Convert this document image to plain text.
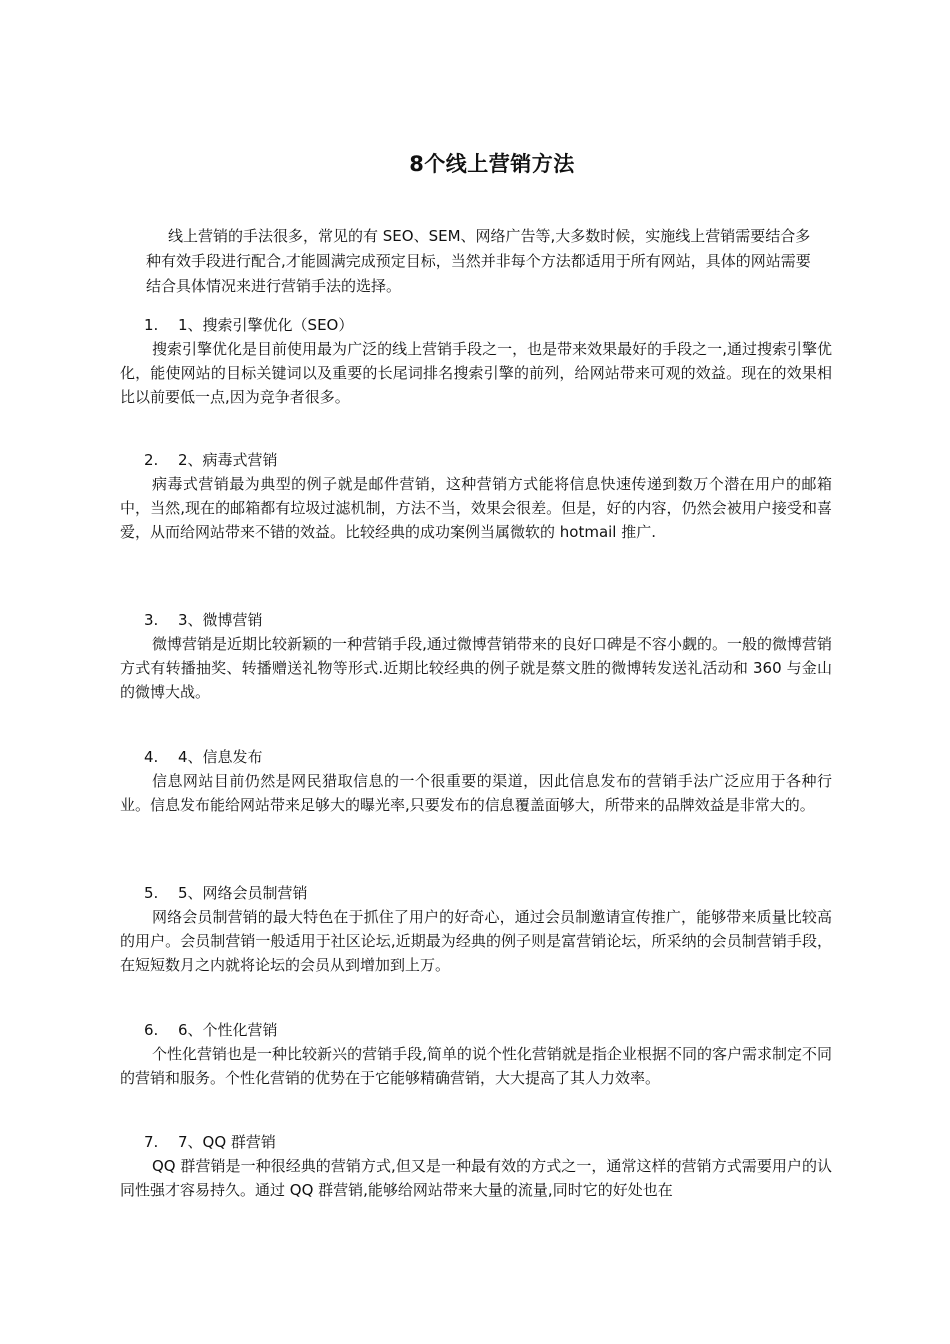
8个线上营销方法

线上营销的手法很多，常见的有 SEO、SEM、网络广告等,大多数时候，实施线上营销需要结合多种有效手段进行配合,才能圆满完成预定目标，当然并非每个方法都适用于所有网站，具体的网站需要结合具体情况来进行营销手法的选择。

1. 1、搜索引擎优化（SEO）

搜索引擎优化是目前使用最为广泛的线上营销手段之一，也是带来效果最好的手段之一,通过搜索引擎优化，能使网站的目标关键词以及重要的长尾词排名搜索引擎的前列，给网站带来可观的效益。现在的效果相比以前要低一点,因为竞争者很多。

2. 2、病毒式营销

病毒式营销最为典型的例子就是邮件营销，这种营销方式能将信息快速传递到数万个潜在用户的邮箱中，当然,现在的邮箱都有垃圾过滤机制，方法不当，效果会很差。但是，好的内容，仍然会被用户接受和喜爱，从而给网站带来不错的效益。比较经典的成功案例当属微软的 hotmail 推广.

3. 3、微博营销

微博营销是近期比较新颖的一种营销手段,通过微博营销带来的良好口碑是不容小觑的。一般的微博营销方式有转播抽奖、转播赠送礼物等形式.近期比较经典的例子就是蔡文胜的微博转发送礼活动和 360 与金山的微博大战。

4. 4、信息发布

信息网站目前仍然是网民猎取信息的一个很重要的渠道，因此信息发布的营销手法广泛应用于各种行业。信息发布能给网站带来足够大的曝光率,只要发布的信息覆盖面够大，所带来的品牌效益是非常大的。

5. 5、网络会员制营销

网络会员制营销的最大特色在于抓住了用户的好奇心，通过会员制邀请宣传推广，能够带来质量比较高的用户。会员制营销一般适用于社区论坛,近期最为经典的例子则是富营销论坛，所采纳的会员制营销手段，在短短数月之内就将论坛的会员从到增加到上万。

6. 6、个性化营销

个性化营销也是一种比较新兴的营销手段,简单的说个性化营销就是指企业根据不同的客户需求制定不同的营销和服务。个性化营销的优势在于它能够精确营销，大大提高了其人力效率。

7. 7、QQ 群营销

QQ 群营销是一种很经典的营销方式,但又是一种最有效的方式之一，通常这样的营销方式需要用户的认同性强才容易持久。通过 QQ 群营销,能够给网站带来大量的流量,同时它的好处也在
